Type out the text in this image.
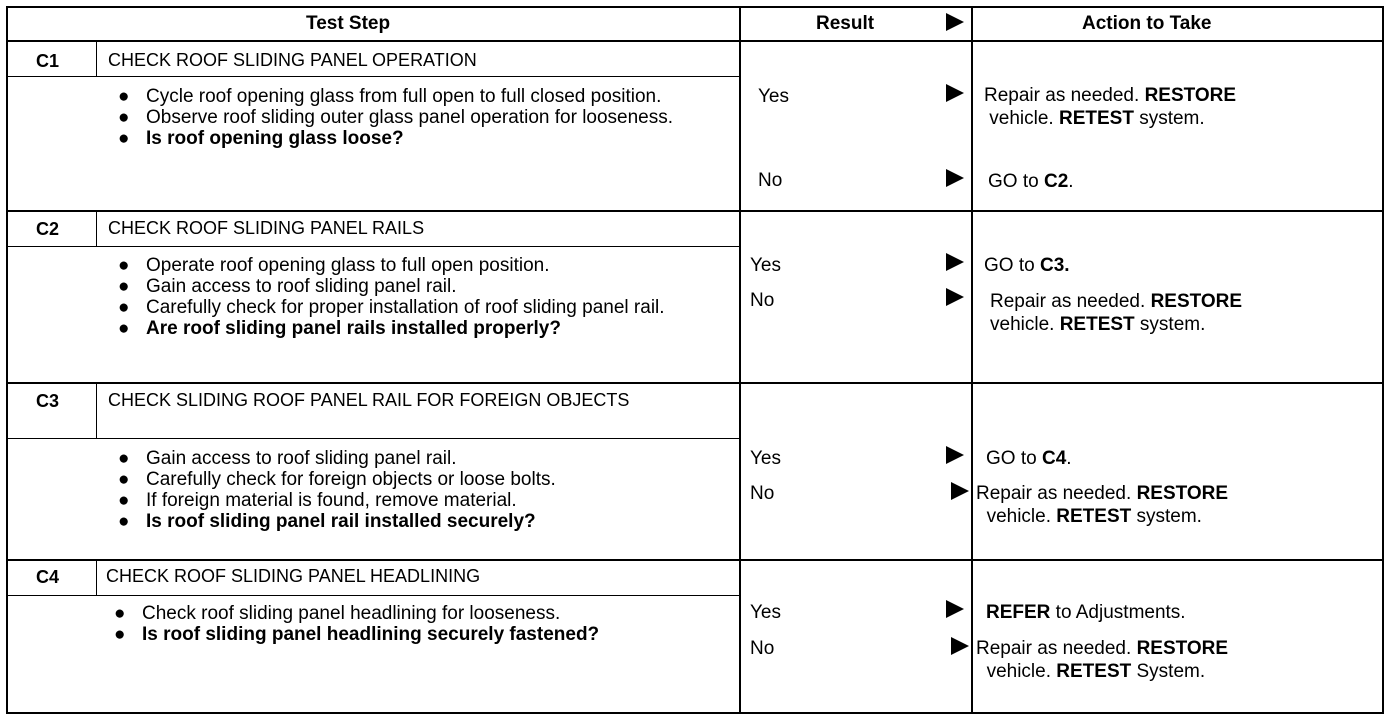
Test Step	Result	Action to Take
C1	CHECK ROOF SLIDING PANEL OPERATION
● Cycle roof opening glass from full open to full closed position.
● Observe roof sliding outer glass panel operation for looseness.
● Is roof opening glass loose?
Yes	Repair as needed. RESTORE
vehicle. RETEST system.
No	GO to C2.
C2	CHECK ROOF SLIDING PANEL RAILS
● Operate roof opening glass to full open position.
● Gain access to roof sliding panel rail.
● Carefully check for proper installation of roof sliding panel rail.
● Are roof sliding panel rails installed properly?
Yes	GO to C3.
No	Repair as needed. RESTORE
vehicle. RETEST system.
C3	CHECK SLIDING ROOF PANEL RAIL FOR FOREIGN OBJECTS
● Gain access to roof sliding panel rail.
● Carefully check for foreign objects or loose bolts.
● If foreign material is found, remove material.
● Is roof sliding panel rail installed securely?
Yes	GO to C4.
No	Repair as needed. RESTORE
vehicle. RETEST system.
C4	CHECK ROOF SLIDING PANEL HEADLINING
● Check roof sliding panel headlining for looseness.
● Is roof sliding panel headlining securely fastened?
Yes	REFER to Adjustments.
No	Repair as needed. RESTORE
vehicle. RETEST System.
